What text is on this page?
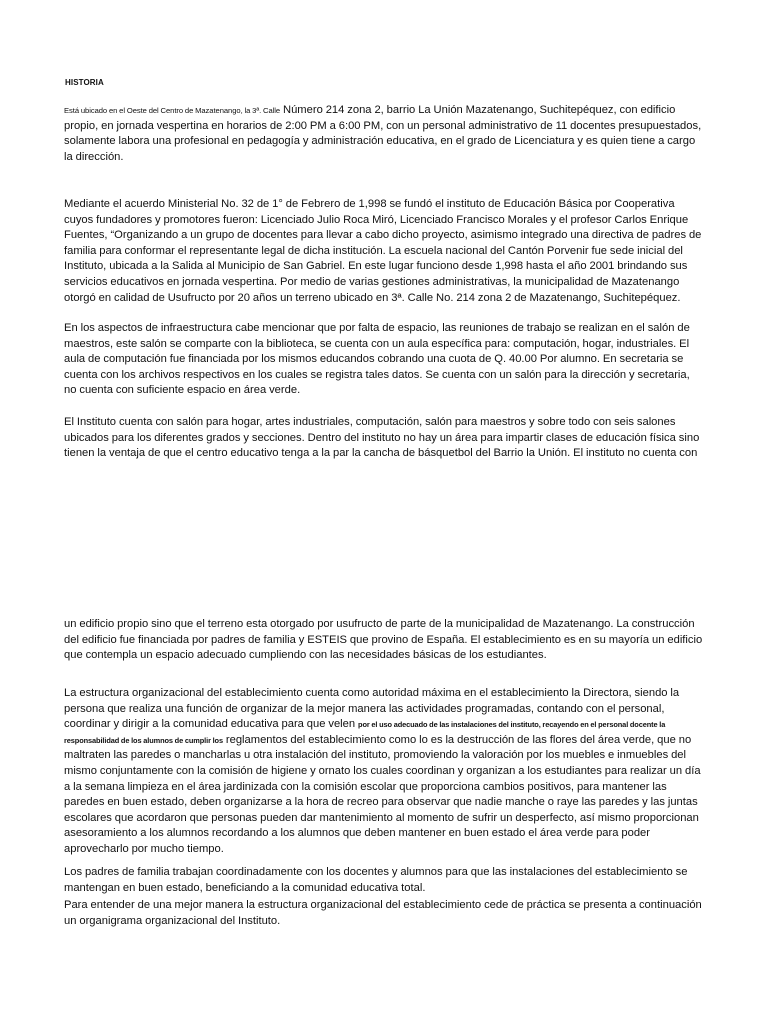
HISTORIA

Está ubicado en el Oeste del Centro de Mazatenango, la 3ª. Calle Número 214 zona 2, barrio La Unión Mazatenango, Suchitepéquez, con edificio propio, en jornada vespertina en horarios de 2:00 PM a 6:00 PM, con un personal administrativo de 11 docentes presupuestados, solamente labora una profesional en pedagogía y administración educativa, en el grado de Licenciatura y es quien tiene a cargo la dirección.

Mediante el acuerdo Ministerial No. 32 de 1° de Febrero de 1,998 se fundó el instituto de Educación Básica por Cooperativa cuyos fundadores y promotores fueron: Licenciado Julio Roca Miró, Licenciado Francisco Morales y el profesor Carlos Enrique Fuentes, “Organizando a un grupo de docentes para llevar a cabo dicho proyecto, asimismo integrado una directiva de padres de familia para conformar el representante legal de dicha institución. La escuela nacional del Cantón Porvenir fue sede inicial del Instituto, ubicada a la Salida al Municipio de San Gabriel. En este lugar funciono desde 1,998 hasta el año 2001 brindando sus servicios educativos en jornada vespertina. Por medio de varias gestiones administrativas, la municipalidad de Mazatenango otorgó en calidad de Usufructo por 20 años un terreno ubicado en 3ª. Calle No. 214 zona 2 de Mazatenango, Suchitepéquez.

En los aspectos de infraestructura cabe mencionar que por falta de espacio, las reuniones de trabajo se realizan en el salón de maestros, este salón se comparte con la biblioteca, se cuenta con un aula específica para: computación, hogar, industriales. El aula de computación fue financiada por los mismos educandos cobrando una cuota de Q. 40.00 Por alumno. En secretaria se cuenta con los archivos respectivos en los cuales se registra tales datos. Se cuenta con un salón para la dirección y secretaria, no cuenta con suficiente espacio en área verde.

El Instituto cuenta con salón para hogar, artes industriales, computación, salón para maestros y sobre todo con seis salones ubicados para los diferentes grados y secciones. Dentro del instituto no hay un área para impartir clases de educación física sino tienen la ventaja de que el centro educativo tenga a la par la cancha de básquetbol del Barrio la Unión. El instituto no cuenta con

un edificio propio sino que el terreno esta otorgado por usufructo de parte de la municipalidad de Mazatenango. La construcción del edificio fue financiada por padres de familia y ESTEIS que provino de España. El establecimiento es en su mayoría un edificio que contempla un espacio adecuado cumpliendo con las necesidades básicas de los estudiantes.

La estructura organizacional del establecimiento cuenta como autoridad máxima en el establecimiento la Directora, siendo la persona que realiza una función de organizar de la mejor manera las actividades programadas, contando con el personal, coordinar y dirigir a la comunidad educativa para que velen por el uso adecuado de las instalaciones del instituto, recayendo en el personal docente la responsabilidad de los alumnos de cumplir los reglamentos del establecimiento como lo es la destrucción de las flores del área verde, que no maltraten las paredes o mancharlas u otra instalación del instituto, promoviendo la valoración por los muebles e inmuebles del mismo conjuntamente con la comisión de higiene y ornato los cuales coordinan y organizan a los estudiantes para realizar un día a la semana limpieza en el área jardinizada con la comisión escolar que proporciona cambios positivos, para mantener las paredes en buen estado, deben organizarse a la hora de recreo para observar que nadie manche o raye las paredes y las juntas escolares que acordaron que personas pueden dar mantenimiento al momento de sufrir un desperfecto, así mismo proporcionan asesoramiento a los alumnos recordando a los alumnos que deben mantener en buen estado el área verde para poder aprovecharlo por mucho tiempo.

Los padres de familia trabajan coordinadamente con los docentes y alumnos para que las instalaciones del establecimiento se mantengan en buen estado, beneficiando a la comunidad educativa total.

Para entender de una mejor manera la estructura organizacional del establecimiento cede de práctica se presenta a continuación un organigrama organizacional del Instituto.
